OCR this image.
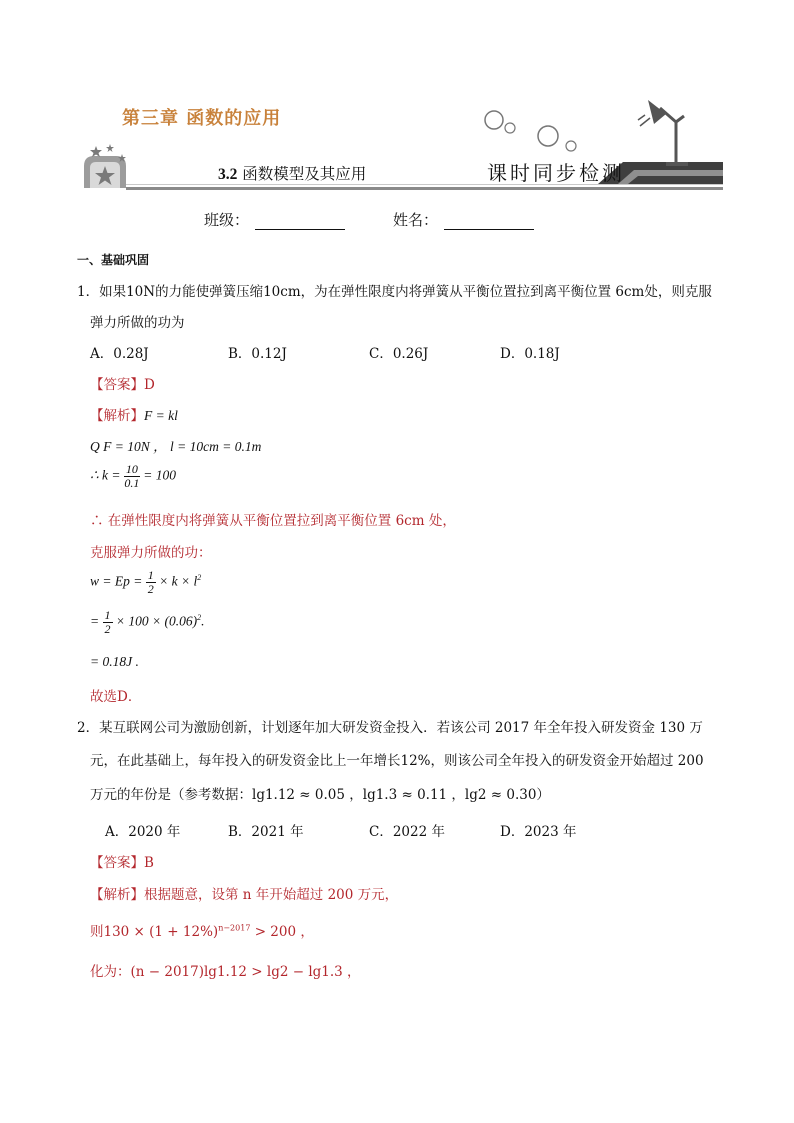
第三章 函数的应用
3.2 函数模型及其应用	课时同步检测
班级：	姓名：
一、基础巩固
1．如果10N的力能使弹簧压缩10cm，为在弹性限度内将弹簧从平衡位置拉到离平衡位置 6cm处，则克服
弹力所做的功为
A．0.28J	B．0.12J	C．0.26J	D．0.18J
【答案】D
【解析】F = kl
Q F = 10N ， l = 10cm = 0.1m
∴ $k = \frac{10}{0.1} = 100$
∴ 在弹性限度内将弹簧从平衡位置拉到离平衡位置 6cm 处，
克服弹力所做的功：
$w = Ep = \frac{1}{2} \times k \times l^2$
= $\frac{1}{2} \times 100 \times (0.06)^2$.
= 0.18J .
故选D．
2．某互联网公司为激励创新，计划逐年加大研发资金投入．若该公司 2017 年全年投入研发资金 130 万
元，在此基础上，每年投入的研发资金比上一年增长12%，则该公司全年投入的研发资金开始超过 200
万元的年份是（参考数据：lg1.12 ≈ 0.05 ，lg1.3 ≈ 0.11 ，lg2 ≈ 0.30）
A．2020 年	B．2021 年	C．2022 年	D．2023 年
【答案】B
【解析】根据题意，设第 n 年开始超过 200 万元，
则$130 \times (1 + 12\%)^{n-2017} > 200$ ，
化为：(n − 2017)lg1.12 > lg2 − lg1.3 ，
